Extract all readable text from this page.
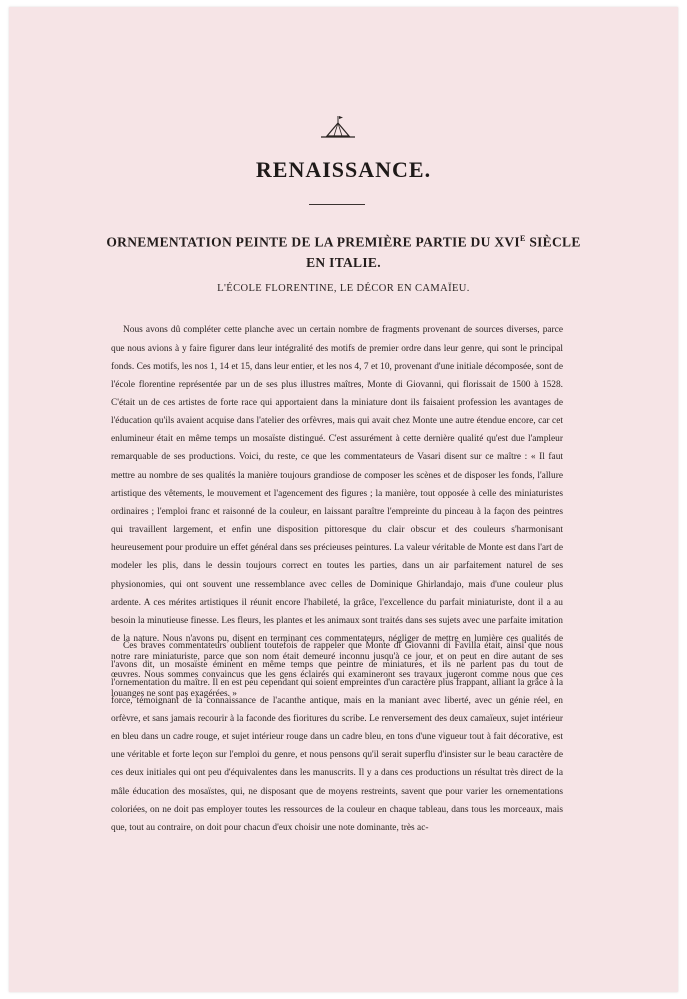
RENAISSANCE.
ORNEMENTATION PEINTE DE LA PREMIÈRE PARTIE DU $XVI^E$ SIÈCLE
EN ITALIE.
L'ÉCOLE FLORENTINE, LE DÉCOR EN CAMAÏEU.

Nous avons dû compléter cette planche avec un certain nombre de fragments provenant de sources diverses, parce que nous avions à y faire figurer dans leur intégralité des motifs de premier ordre dans leur genre, qui sont le principal fonds. Ces motifs, les nos 1, 14 et 15, dans leur entier, et les nos 4, 7 et 10, provenant d'une initiale décomposée, sont de l'école florentine représentée par un de ses plus illustres maîtres, Monte di Giovanni, qui florissait de 1500 à 1528. C'était un de ces artistes de forte race qui apportaient dans la miniature dont ils faisaient profession les avantages de l'éducation qu'ils avaient acquise dans l'atelier des orfèvres, mais qui avait chez Monte une autre étendue encore, car cet enlumineur était en même temps un mosaïste distingué. C'est assurément à cette dernière qualité qu'est due l'ampleur remarquable de ses productions. Voici, du reste, ce que les commentateurs de Vasari disent sur ce maître : « Il faut mettre au nombre de ses qualités la manière toujours grandiose de composer les scènes et de disposer les fonds, l'allure artistique des vêtements, le mouvement et l'agencement des figures ; la manière, tout opposée à celle des miniaturistes ordinaires ; l'emploi franc et raisonné de la couleur, en laissant paraître l'empreinte du pinceau à la façon des peintres qui travaillent largement, et enfin une disposition pittoresque du clair obscur et des couleurs s'harmonisant heureusement pour produire un effet général dans ses précieuses peintures. La valeur véritable de Monte est dans l'art de modeler les plis, dans le dessin toujours correct en toutes les parties, dans un air parfaitement naturel de ses physionomies, qui ont souvent une ressemblance avec celles de Dominique Ghirlandajo, mais d'une couleur plus ardente. A ces mérites artistiques il réunit encore l'habileté, la grâce, l'excellence du parfait miniaturiste, dont il a au besoin la minutieuse finesse. Les fleurs, les plantes et les animaux sont traités dans ses sujets avec une parfaite imitation de la nature. Nous n'avons pu, disent en terminant ces commentateurs, négliger de mettre en lumière ces qualités de notre rare miniaturiste, parce que son nom était demeuré inconnu jusqu'à ce jour, et on peut en dire autant de ses œuvres. Nous sommes convaincus que les gens éclairés qui examineront ses travaux jugeront comme nous que ces louanges ne sont pas exagérées. »

Ces braves commentateurs oublient toutefois de rappeler que Monte di Giovanni di Favilla était, ainsi que nous l'avons dit, un mosaïste éminent en même temps que peintre de miniatures, et ils ne parlent pas du tout de l'ornementation du maître. Il en est peu cependant qui soient empreintes d'un caractère plus frappant, alliant la grâce à la force, témoignant de la connaissance de l'acanthe antique, mais en la maniant avec liberté, avec un génie réel, en orfèvre, et sans jamais recourir à la faconde des fioritures du scribe. Le renversement des deux camaïeux, sujet intérieur en bleu dans un cadre rouge, et sujet intérieur rouge dans un cadre bleu, en tons d'une vigueur tout à fait décorative, est une véritable et forte leçon sur l'emploi du genre, et nous pensons qu'il serait superflu d'insister sur le beau caractère de ces deux initiales qui ont peu d'équivalentes dans les manuscrits. Il y a dans ces productions un résultat très direct de la mâle éducation des mosaïstes, qui, ne disposant que de moyens restreints, savent que pour varier les ornementations coloriées, on ne doit pas employer toutes les ressources de la couleur en chaque tableau, dans tous les morceaux, mais que, tout au contraire, on doit pour chacun d'eux choisir une note dominante, très ac-
